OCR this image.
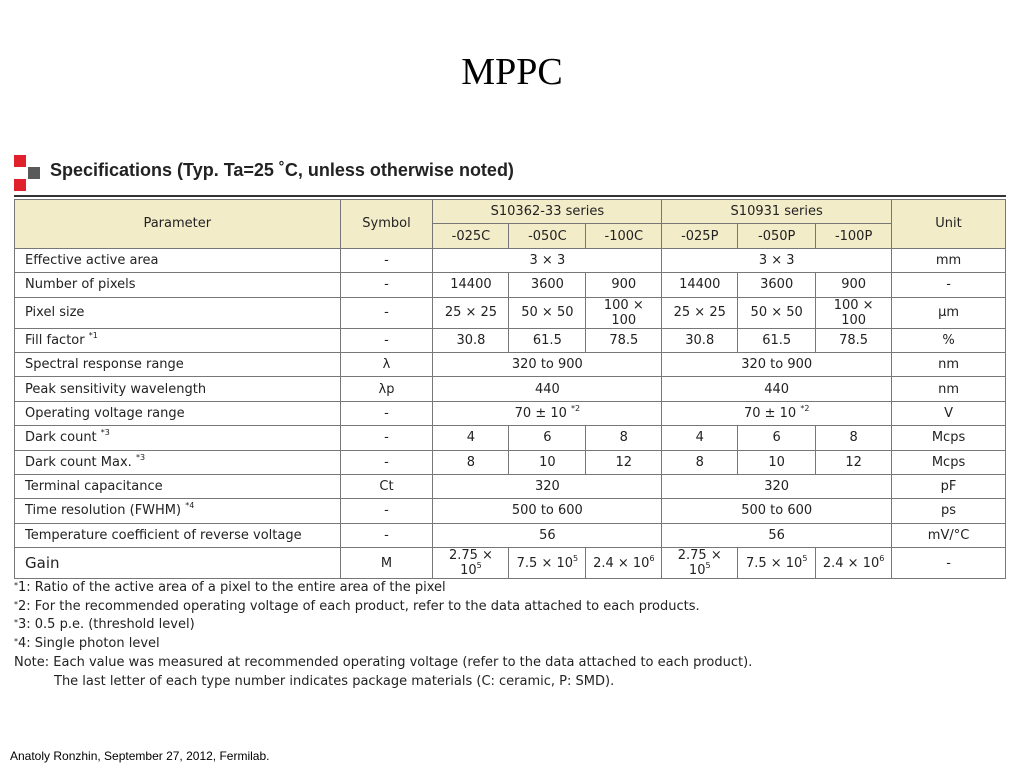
MPPC
Specifications (Typ. Ta=25 ˚C, unless otherwise noted)
Parameter	Symbol	S10362-33 series			S10931 series			Unit
		-025C	-050C	-100C	-025P	-050P	-100P	
Effective active area	-	3 × 3			3 × 3			mm
Number of pixels	-	14400	3600	900	14400	3600	900	-
Pixel size	-	25 × 25	50 × 50	100 × 100	25 × 25	50 × 50	100 × 100	µm
Fill factor $^{*1}$	-	30.8	61.5	78.5	30.8	61.5	78.5	%
Spectral response range	λ	320 to 900			320 to 900			nm
Peak sensitivity wavelength	λp	440			440			nm
Operating voltage range	-	70 ± 10 $^{*2}$			70 ± 10 $^{*2}$			V
Dark count $^{*3}$	-	4	6	8	4	6	8	Mcps
Dark count Max. $^{*3}$	-	8	10	12	8	10	12	Mcps
Terminal capacitance	Ct	320			320			pF
Time resolution (FWHM) $^{*4}$	-	500 to 600			500 to 600			ps
Temperature coefficient of reverse voltage	-	56			56			mV/°C
Gain	M	$2.75 \times 10^5$	$7.5 \times 10^5$	$2.4 \times 10^6$	$2.75 \times 10^5$	$7.5 \times 10^5$	$2.4 \times 10^6$	-
*1: Ratio of the active area of a pixel to the entire area of the pixel
*2: For the recommended operating voltage of each product, refer to the data attached to each products.
*3: 0.5 p.e. (threshold level)
*4: Single photon level
Note: Each value was measured at recommended operating voltage (refer to the data attached to each product).
The last letter of each type number indicates package materials (C: ceramic, P: SMD).
Anatoly Ronzhin, September 27, 2012, Fermilab.
